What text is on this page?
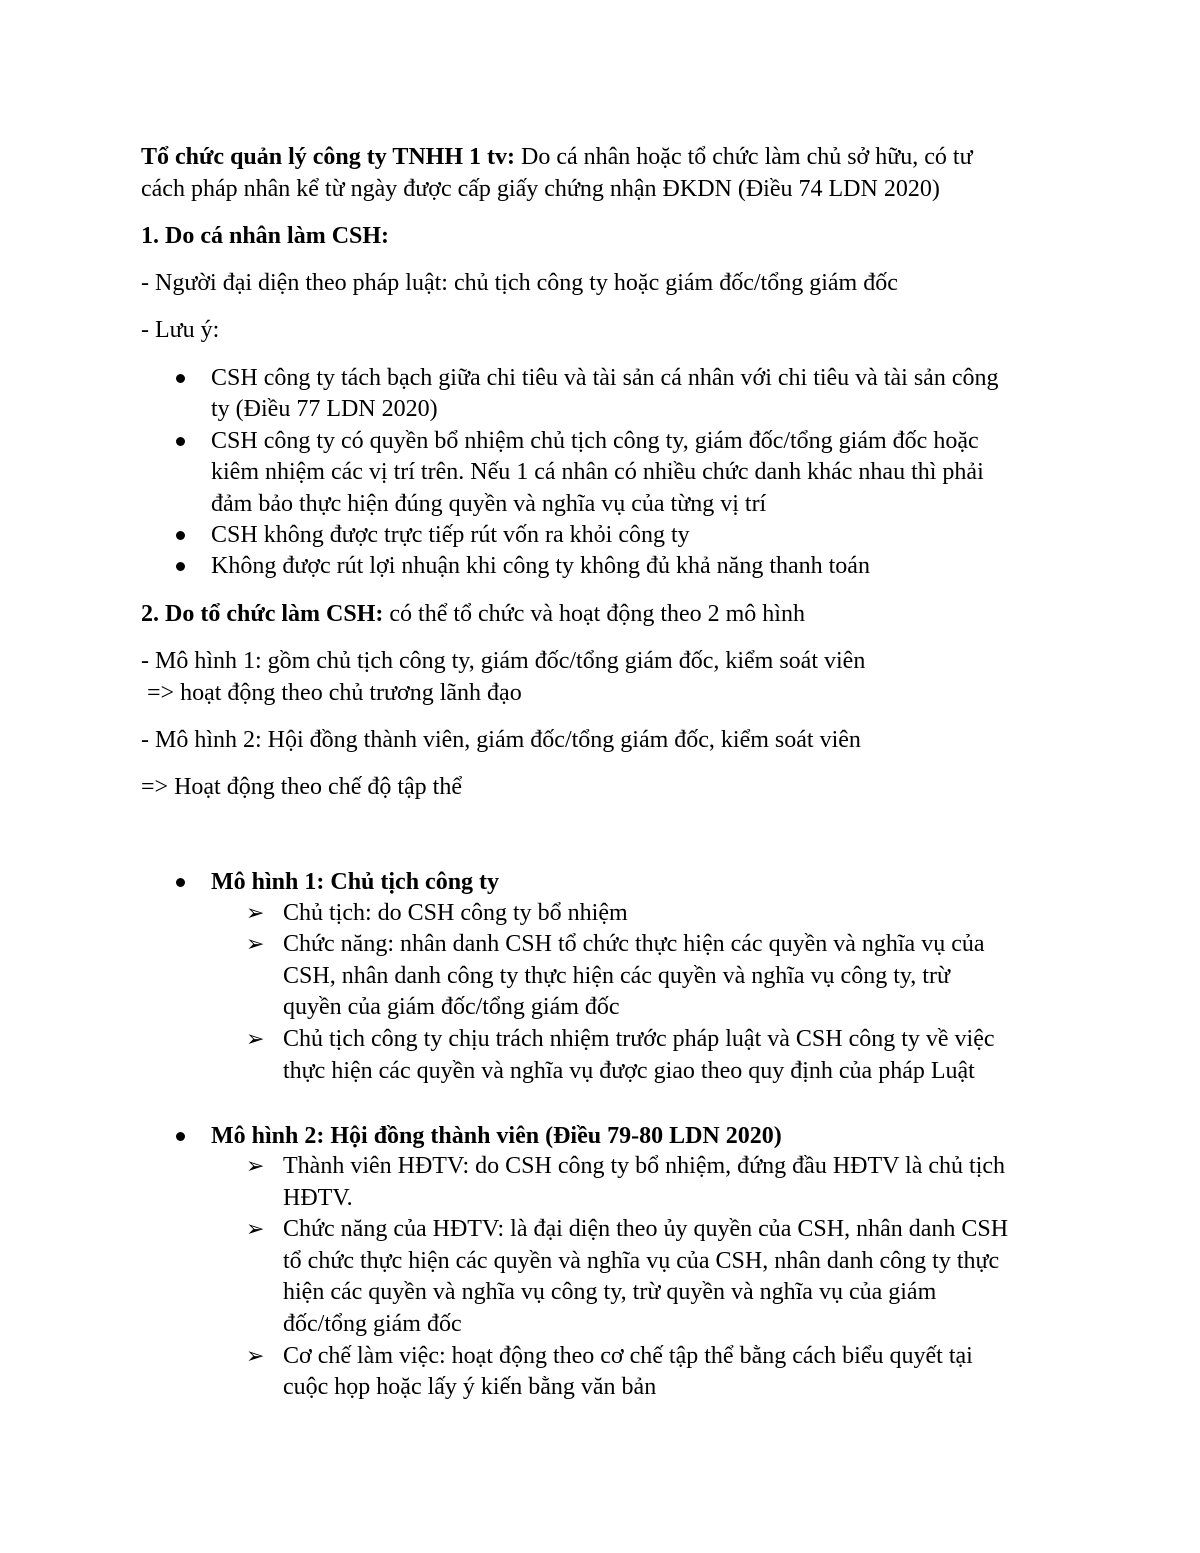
Tổ chức quản lý công ty TNHH 1 tv: Do cá nhân hoặc tổ chức làm chủ sở hữu, có tư
cách pháp nhân kể từ ngày được cấp giấy chứng nhận ĐKDN (Điều 74 LDN 2020)
1. Do cá nhân làm CSH:
- Người đại diện theo pháp luật: chủ tịch công ty hoặc giám đốc/tổng giám đốc
- Lưu ý:
CSH công ty tách bạch giữa chi tiêu và tài sản cá nhân với chi tiêu và tài sản công
ty (Điều 77 LDN 2020)
CSH công ty có quyền bổ nhiệm chủ tịch công ty, giám đốc/tổng giám đốc hoặc
kiêm nhiệm các vị trí trên. Nếu 1 cá nhân có nhiều chức danh khác nhau thì phải
đảm bảo thực hiện đúng quyền và nghĩa vụ của từng vị trí
CSH không được trực tiếp rút vốn ra khỏi công ty
Không được rút lợi nhuận khi công ty không đủ khả năng thanh toán
2. Do tổ chức làm CSH: có thể tổ chức và hoạt động theo 2 mô hình
- Mô hình 1: gồm chủ tịch công ty, giám đốc/tổng giám đốc, kiểm soát viên
=> hoạt động theo chủ trương lãnh đạo
- Mô hình 2: Hội đồng thành viên, giám đốc/tổng giám đốc, kiểm soát viên
=> Hoạt động theo chế độ tập thể
Mô hình 1: Chủ tịch công ty
➢ Chủ tịch: do CSH công ty bổ nhiệm
➢ Chức năng: nhân danh CSH tổ chức thực hiện các quyền và nghĩa vụ của
CSH, nhân danh công ty thực hiện các quyền và nghĩa vụ công ty, trừ
quyền của giám đốc/tổng giám đốc
➢ Chủ tịch công ty chịu trách nhiệm trước pháp luật và CSH công ty về việc
thực hiện các quyền và nghĩa vụ được giao theo quy định của pháp Luật
Mô hình 2: Hội đồng thành viên (Điều 79-80 LDN 2020)
➢ Thành viên HĐTV: do CSH công ty bổ nhiệm, đứng đầu HĐTV là chủ tịch
HĐTV.
➢ Chức năng của HĐTV: là đại diện theo ủy quyền của CSH, nhân danh CSH
tổ chức thực hiện các quyền và nghĩa vụ của CSH, nhân danh công ty thực
hiện các quyền và nghĩa vụ công ty, trừ quyền và nghĩa vụ của giám
đốc/tổng giám đốc
➢ Cơ chế làm việc: hoạt động theo cơ chế tập thể bằng cách biểu quyết tại
cuộc họp hoặc lấy ý kiến bằng văn bản
